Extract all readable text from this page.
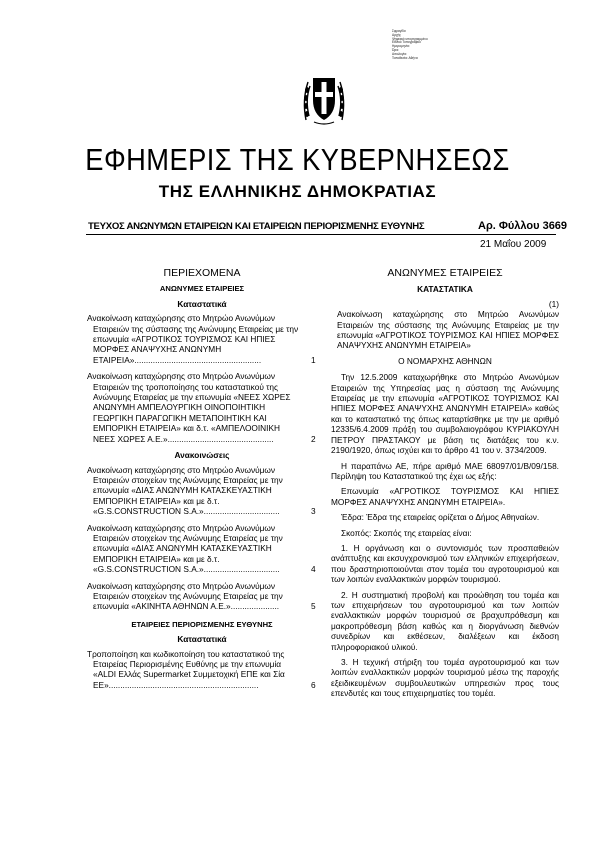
Σφραγίδα
Αρχής
Ψηφιακά υπογεγραμμένο
Εθνικό Τυπογραφείο
Ημερομηνία:
Ώρα:
Αιτιολογία:
Τοποθεσία: Αθήνα
ΕΦΗΜΕΡΙΣ ΤΗΣ ΚΥΒΕΡΝΗΣΕΩΣ
ΤΗΣ ΕΛΛΗΝΙΚΗΣ ΔΗΜΟΚΡΑΤΙΑΣ
ΤΕΥΧΟΣ ΑΝΩΝΥΜΩΝ ΕΤΑΙΡΕΙΩΝ ΚΑΙ ΕΤΑΙΡΕΙΩΝ ΠΕΡΙΟΡΙΣΜΕΝΗΣ ΕΥΘΥΝΗΣ	Αρ. Φύλλου 3669
21 Μαΐου 2009
ΠΕΡΙΕΧΟΜΕΝΑ
ΑΝΩΝΥΜΕΣ ΕΤΑΙΡΕΙΕΣ
Καταστατικά
Ανακοίνωση καταχώρησης στο Μητρώο Ανωνύμων Εταιρειών της σύστασης της Ανώνυμης Εταιρείας με την επωνυμία «ΑΓΡΟΤΙΚΟΣ ΤΟΥΡΙΣΜΟΣ ΚΑΙ ΗΠΙΕΣ ΜΟΡΦΕΣ ΑΝΑΨΥΧΗΣ ΑΝΩΝΥΜΗ ΕΤΑΙΡΕΙΑ».......................................................	1
Ανακοίνωση καταχώρησης στο Μητρώο Ανωνύμων Εταιρειών της τροποποίησης του καταστατικού της Ανώνυμης Εταιρείας με την επωνυμία «ΝΕΕΣ ΧΩΡΕΣ ΑΝΩΝΥΜΗ ΑΜΠΕΛΟΥΡΓΙΚΗ ΟΙΝΟΠΟΙΗΤΙΚΗ ΓΕΩΡΓΙΚΗ ΠΑΡΑΓΩΓΙΚΗ ΜΕΤΑΠΟΙΗΤΙΚΗ ΚΑΙ ΕΜΠΟΡΙΚΗ ΕΤΑΙΡΕΙΑ» και δ.τ. «ΑΜΠΕΛΟΟΙΝΙΚΗ ΝΕΕΣ ΧΩΡΕΣ Α.Ε.»..............................................	2
Ανακοινώσεις
Ανακοίνωση καταχώρησης στο Μητρώο Ανωνύμων Εταιρειών στοιχείων της Ανώνυμης Εταιρείας με την επωνυμία «ΔΙΑΣ ΑΝΩΝΥΜΗ ΚΑΤΑΣΚΕΥΑΣΤΙΚΗ ΕΜΠΟΡΙΚΗ ΕΤΑΙΡΕΙΑ» και με δ.τ. «G.S.CONSTRUCTION S.A.».................................	3
Ανακοίνωση καταχώρησης στο Μητρώο Ανωνύμων Εταιρειών στοιχείων της Ανώνυμης Εταιρείας με την επωνυμία «ΔΙΑΣ ΑΝΩΝΥΜΗ ΚΑΤΑΣΚΕΥΑΣΤΙΚΗ ΕΜΠΟΡΙΚΗ ΕΤΑΙΡΕΙΑ» και με δ.τ. «G.S.CONSTRUCTION S.A.».................................	4
Ανακοίνωση καταχώρησης στο Μητρώο Ανωνύμων Εταιρειών στοιχείων της Ανώνυμης Εταιρείας με την επωνυμία «ΑΚΙΝΗΤΑ ΑΘΗΝΩΝ Α.Ε.».....................	5
ΕΤΑΙΡΕΙΕΣ ΠΕΡΙΟΡΙΣΜΕΝΗΣ ΕΥΘΥΝΗΣ
Καταστατικά
Τροποποίηση και κωδικοποίηση του καταστατικού της Εταιρείας Περιορισμένης Ευθύνης με την επωνυμία «ALDI Ελλάς Supermarket Συμμετοχική ΕΠΕ και Σία ΕΕ».................................................................	6
ΑΝΩΝΥΜΕΣ ΕΤΑΙΡΕΙΕΣ
ΚΑΤΑΣΤΑΤΙΚΑ
(1)
Ανακοίνωση καταχώρησης στο Μητρώο Ανωνύμων Εταιρειών της σύστασης της Ανώνυμης Εταιρείας με την επωνυμία «ΑΓΡΟΤΙΚΟΣ ΤΟΥΡΙΣΜΟΣ ΚΑΙ ΗΠΙΕΣ ΜΟΡΦΕΣ ΑΝΑΨΥΧΗΣ ΑΝΩΝΥΜΗ ΕΤΑΙΡΕΙΑ»
Ο ΝΟΜΑΡΧΗΣ ΑΘΗΝΩΝ
Την 12.5.2009 καταχωρήθηκε στο Μητρώο Ανωνύμων Εταιρειών της Υπηρεσίας μας η σύσταση της Ανώνυμης Εταιρείας με την επωνυμία «ΑΓΡΟΤΙΚΟΣ ΤΟΥΡΙΣΜΟΣ ΚΑΙ ΗΠΙΕΣ ΜΟΡΦΕΣ ΑΝΑΨΥΧΗΣ ΑΝΩΝΥΜΗ ΕΤΑΙΡΕΙΑ» καθώς και το καταστατικό της όπως καταρτίσθηκε με την με αριθμό 12335/6.4.2009 πράξη του συμβολαιογράφου ΚΥΡΙΑΚΟΥΛΗ ΠΕΤΡΟΥ ΠΡΑΣΤΑΚΟΥ με βάση τις διατάξεις του κ.ν. 2190/1920, όπως ισχύει και το άρθρο 41 του ν. 3734/2009.
Η παραπάνω ΑΕ, πήρε αριθμό ΜΑΕ 68097/01/Β/09/158. Περίληψη του Καταστατικού της έχει ως εξής:
Επωνυμία «ΑΓΡΟΤΙΚΟΣ ΤΟΥΡΙΣΜΟΣ ΚΑΙ ΗΠΙΕΣ ΜΟΡΦΕΣ ΑΝΑΨΥΧΗΣ ΑΝΩΝΥΜΗ ΕΤΑΙΡΕΙΑ».
Έδρα: Έδρα της εταιρείας ορίζεται ο Δήμος Αθηναίων.
Σκοπός: Σκοπός της εταιρείας είναι:
1. Η οργάνωση και ο συντονισμός των προσπαθειών ανάπτυξης και εκσυγχρονισμού των ελληνικών επιχειρήσεων, που δραστηριοποιούνται στον τομέα του αγροτουρισμού και των λοιπών εναλλακτικών μορφών τουρισμού.
2. Η συστηματική προβολή και προώθηση του τομέα και των επιχειρήσεων του αγροτουρισμού και των λοιπών εναλλακτικών μορφών τουρισμού σε βραχυπρόθεσμη και μακροπρόθεσμη βάση καθώς και η διοργάνωση διεθνών συνεδρίων και εκθέσεων, διαλέξεων και έκδοση πληροφοριακού υλικού.
3. Η τεχνική στήριξη του τομέα αγροτουρισμού και των λοιπών εναλλακτικών μορφών τουρισμού μέσω της παροχής εξειδικευμένων συμβουλευτικών υπηρεσιών προς τους επενδυτές και τους επιχειρηματίες του τομέα.
